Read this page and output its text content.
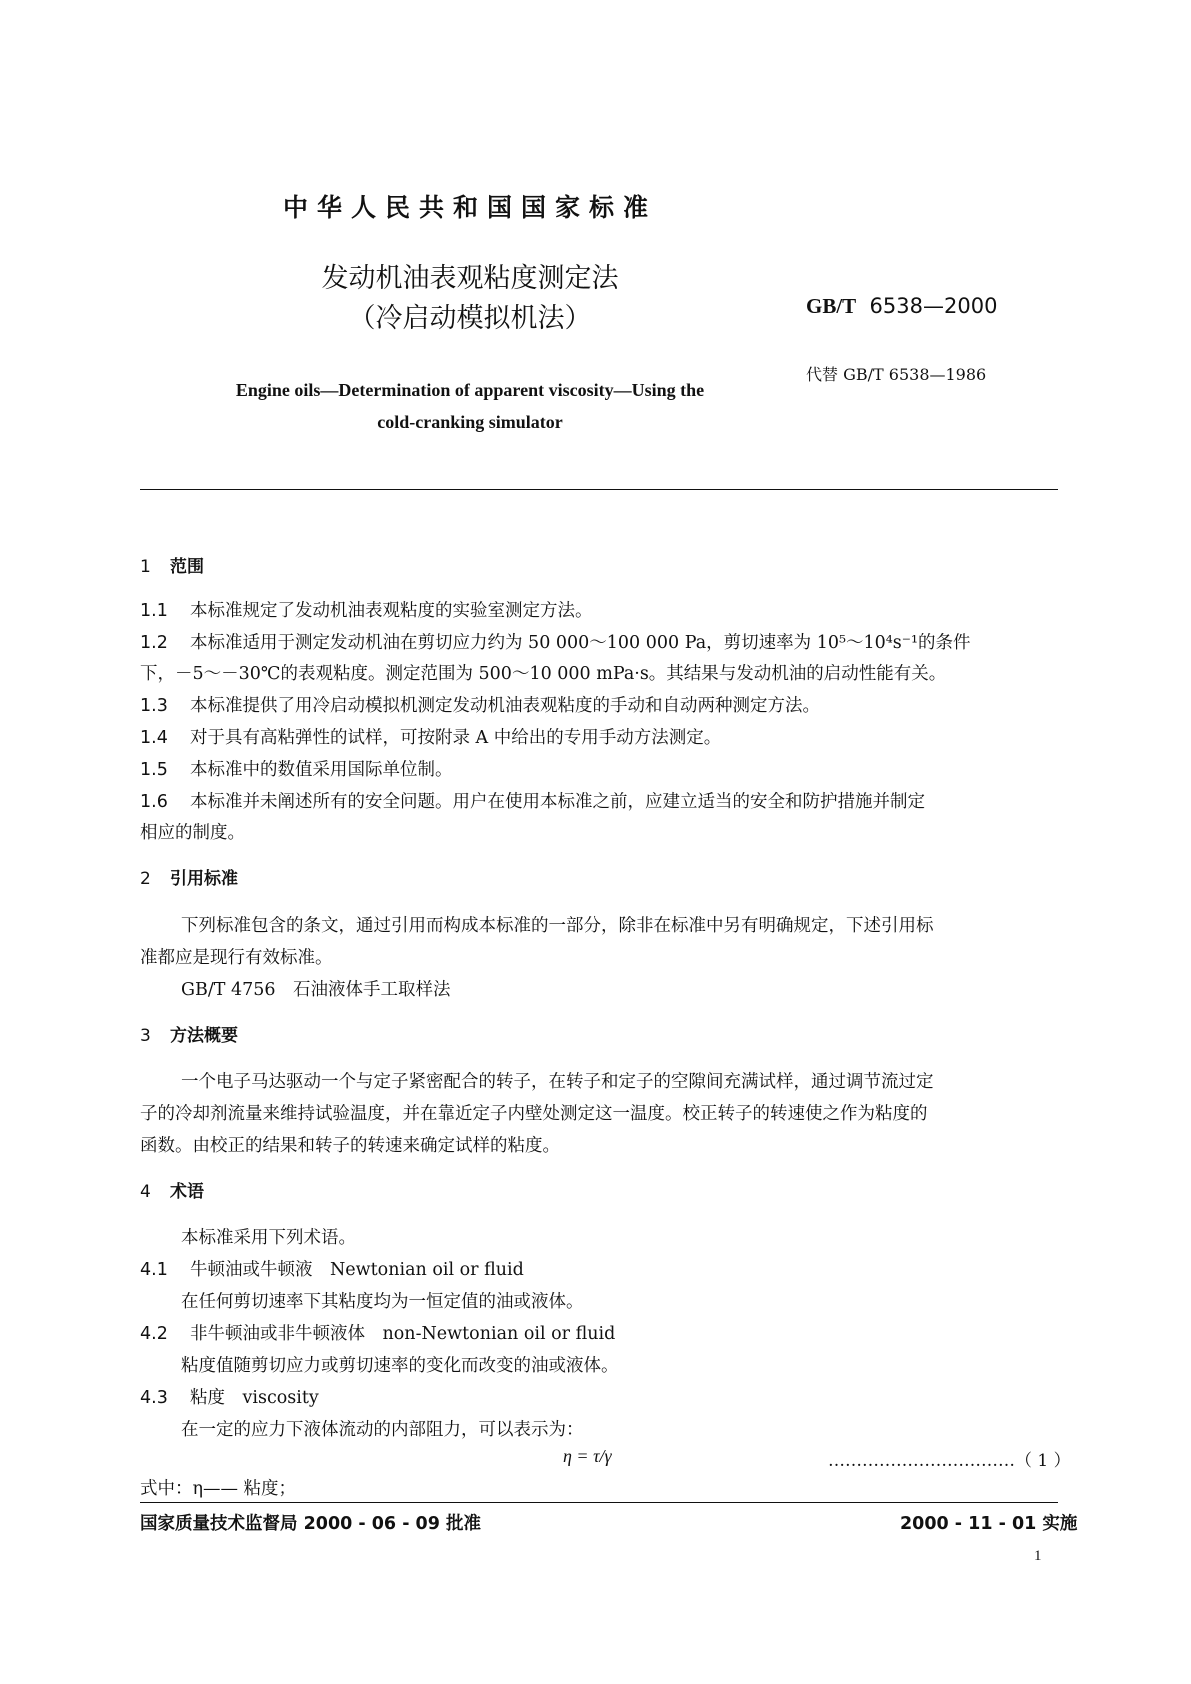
中华人民共和国国家标准
发动机油表观粘度测定法
（冷启动模拟机法）	GB/T 6538—2000
代替 GB/T 6538—1986
Engine oils—Determination of apparent viscosity—Using the
cold-cranking simulator
1 范围
1.1 本标准规定了发动机油表观粘度的实验室测定方法。
1.2 本标准适用于测定发动机油在剪切应力约为 50 000～100 000 Pa，剪切速率为 10⁵～10⁴s⁻¹的条件
下，－5～－30℃的表观粘度。测定范围为 500～10 000 mPa·s。其结果与发动机油的启动性能有关。
1.3 本标准提供了用冷启动模拟机测定发动机油表观粘度的手动和自动两种测定方法。
1.4 对于具有高粘弹性的试样，可按附录 A 中给出的专用手动方法测定。
1.5 本标准中的数值采用国际单位制。
1.6 本标准并未阐述所有的安全问题。用户在使用本标准之前，应建立适当的安全和防护措施并制定
相应的制度。
2 引用标准
下列标准包含的条文，通过引用而构成本标准的一部分，除非在标准中另有明确规定，下述引用标
准都应是现行有效标准。
GB/T 4756　石油液体手工取样法
3 方法概要
一个电子马达驱动一个与定子紧密配合的转子，在转子和定子的空隙间充满试样，通过调节流过定
子的冷却剂流量来维持试验温度，并在靠近定子内壁处测定这一温度。校正转子的转速使之作为粘度的
函数。由校正的结果和转子的转速来确定试样的粘度。
4 术语
本标准采用下列术语。
4.1 牛顿油或牛顿液　Newtonian oil or fluid
在任何剪切速率下其粘度均为一恒定值的油或液体。
4.2 非牛顿油或非牛顿液体　non-Newtonian oil or fluid
粘度值随剪切应力或剪切速率的变化而改变的油或液体。
4.3 粘度　viscosity
在一定的应力下液体流动的内部阻力，可以表示为：
η = τ/γ	……………………………（ 1 ）
式中：η—— 粘度；
国家质量技术监督局 2000 - 06 - 09 批准	2000 - 11 - 01 实施
1
